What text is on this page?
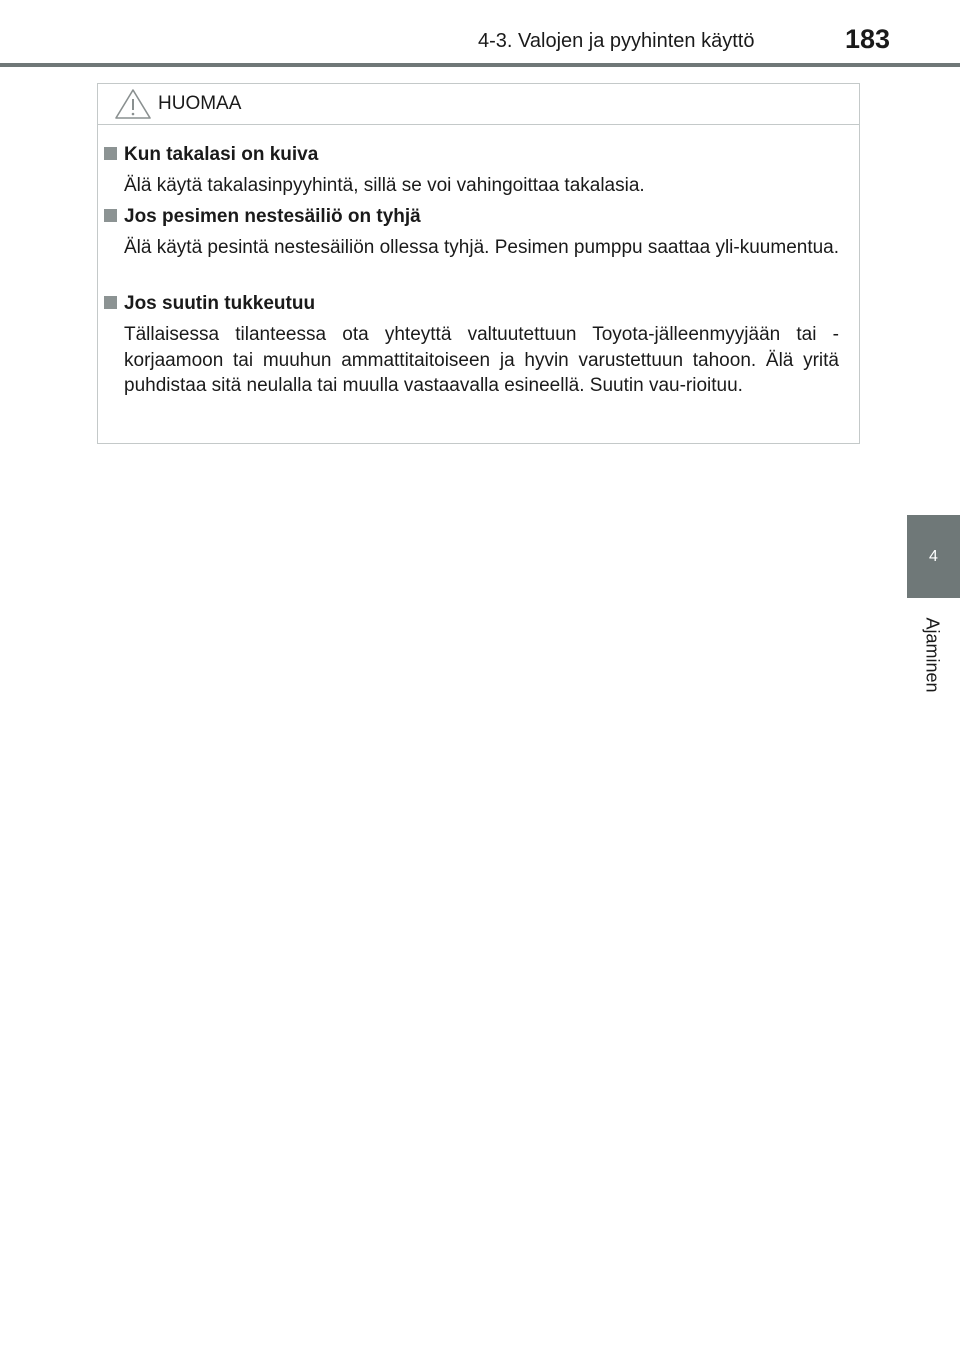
4-3. Valojen ja pyyhinten käyttö	183
4
Ajaminen
HUOMAA
Kun takalasi on kuiva
Älä käytä takalasinpyyhintä, sillä se voi vahingoittaa takalasia.
Jos pesimen nestesäiliö on tyhjä
Älä käytä pesintä nestesäiliön ollessa tyhjä. Pesimen pumppu saattaa yli-kuumentua.
Jos suutin tukkeutuu
Tällaisessa tilanteessa ota yhteyttä valtuutettuun Toyota-jälleenmyyjään tai -korjaamoon tai muuhun ammattitaitoiseen ja hyvin varustettuun tahoon. Älä yritä puhdistaa sitä neulalla tai muulla vastaavalla esineellä. Suutin vau-rioituu.
